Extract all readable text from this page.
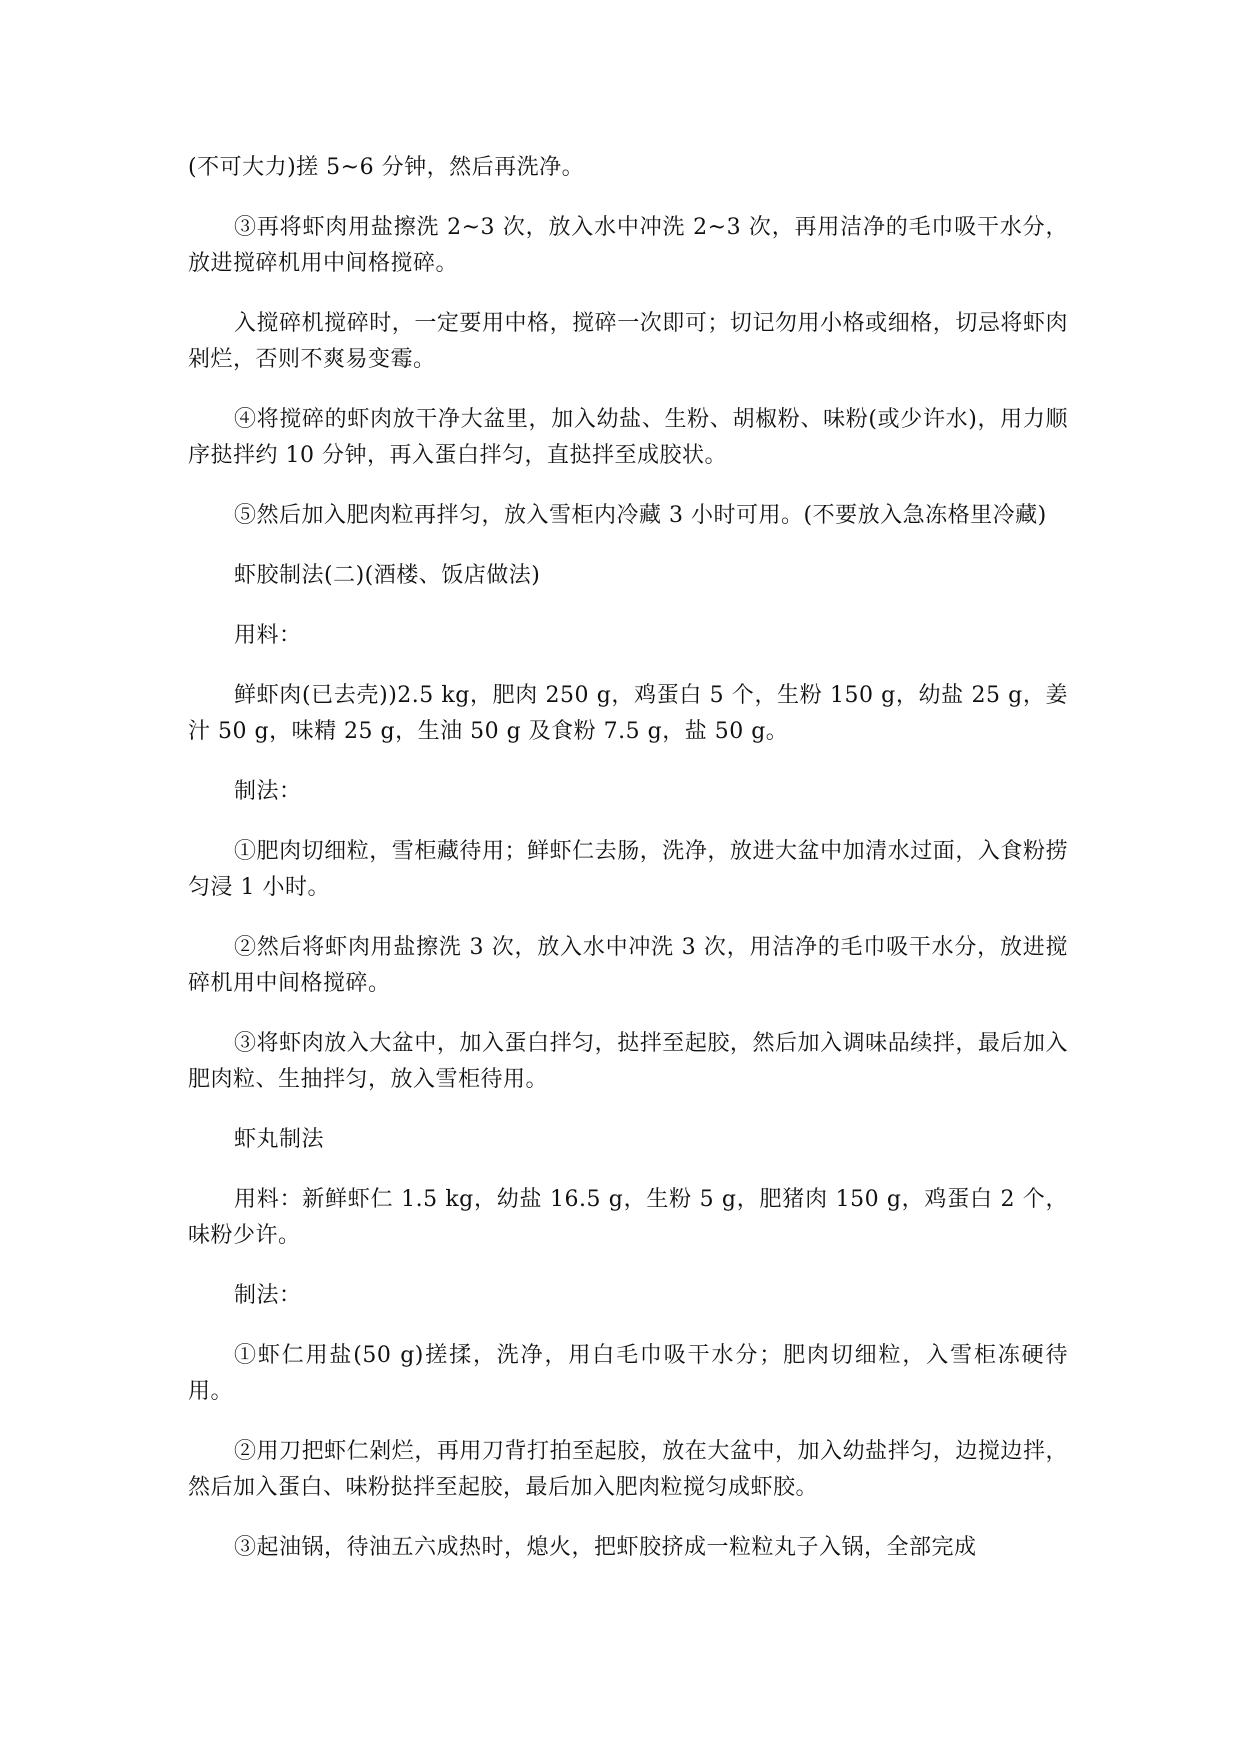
(不可大力)搓 5~6 分钟，然后再洗净。

③再将虾肉用盐擦洗 2~3 次，放入水中冲洗 2~3 次，再用洁净的毛巾吸干水分，放进搅碎机用中间格搅碎。

入搅碎机搅碎时，一定要用中格，搅碎一次即可；切记勿用小格或细格，切忌将虾肉剁烂，否则不爽易变霉。

④将搅碎的虾肉放干净大盆里，加入幼盐、生粉、胡椒粉、味粉(或少许水)，用力顺序挞拌约 10 分钟，再入蛋白拌匀，直挞拌至成胶状。

⑤然后加入肥肉粒再拌匀，放入雪柜内冷藏 3 小时可用。(不要放入急冻格里冷藏)

虾胶制法(二)(酒楼、饭店做法)

用料：

鲜虾肉(已去壳))2.5 kg，肥肉 250 g，鸡蛋白 5 个，生粉 150 g，幼盐 25 g，姜汁 50 g，味精 25 g，生油 50 g 及食粉 7.5 g，盐 50 g。

制法：

①肥肉切细粒，雪柜藏待用；鲜虾仁去肠，洗净，放进大盆中加清水过面，入食粉捞匀浸 1 小时。

②然后将虾肉用盐擦洗 3 次，放入水中冲洗 3 次，用洁净的毛巾吸干水分，放进搅碎机用中间格搅碎。

③将虾肉放入大盆中，加入蛋白拌匀，挞拌至起胶，然后加入调味品续拌，最后加入肥肉粒、生抽拌匀，放入雪柜待用。

虾丸制法

用料：新鲜虾仁 1.5 kg，幼盐 16.5 g，生粉 5 g，肥猪肉 150 g，鸡蛋白 2 个，味粉少许。

制法：

①虾仁用盐(50 g)搓揉，洗净，用白毛巾吸干水分；肥肉切细粒，入雪柜冻硬待用。

②用刀把虾仁剁烂，再用刀背打拍至起胶，放在大盆中，加入幼盐拌匀，边搅边拌，然后加入蛋白、味粉挞拌至起胶，最后加入肥肉粒搅匀成虾胶。

③起油锅，待油五六成热时，熄火，把虾胶挤成一粒粒丸子入锅，全部完成
